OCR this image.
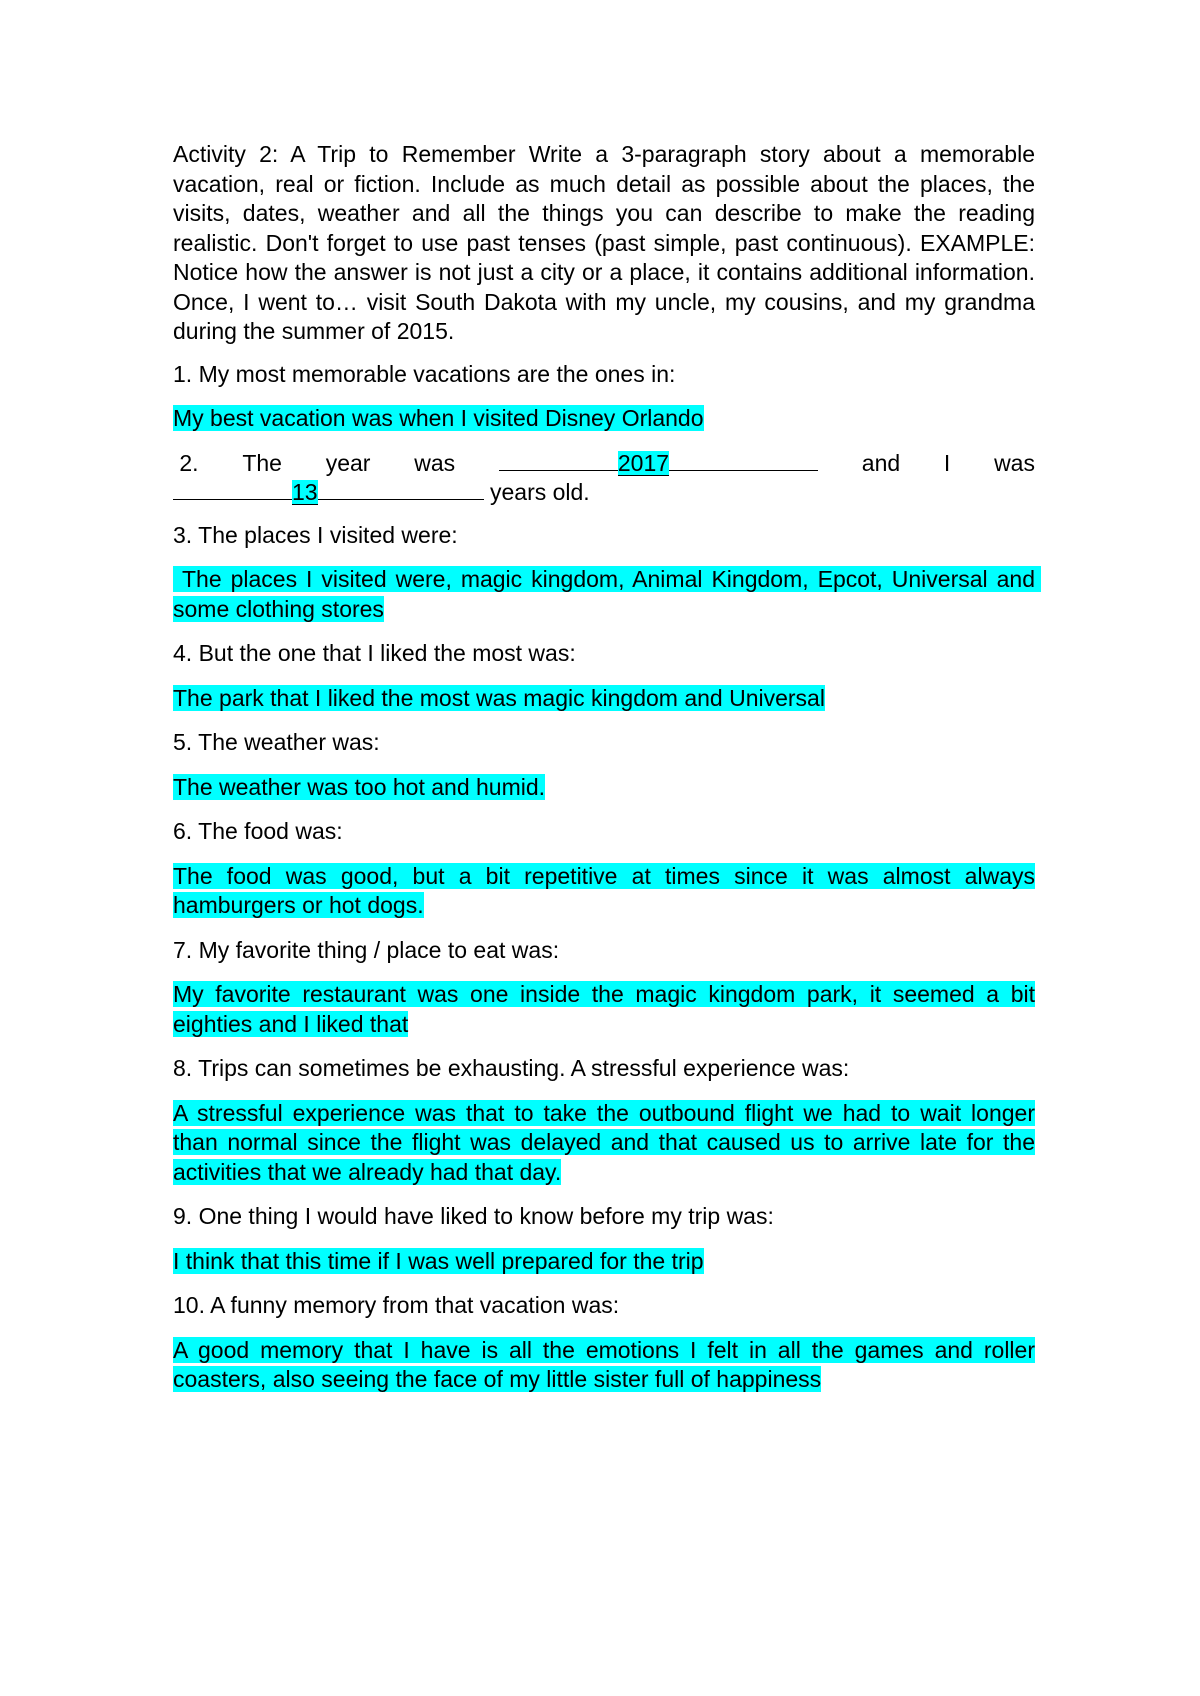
Activity 2: A Trip to Remember Write a 3-paragraph story about a memorable vacation, real or fiction. Include as much detail as possible about the places, the visits, dates, weather and all the things you can describe to make the reading realistic. Don't forget to use past tenses (past simple, past continuous). EXAMPLE: Notice how the answer is not just a city or a place, it contains additional information. Once, I went to… visit South Dakota with my uncle, my cousins, and my grandma during the summer of 2015.

1. My most memorable vacations are the ones in:

My best vacation was when I visited Disney Orlando

2. The year was	2017	and I was
13	years old.

3. The places I visited were:

The places I visited were, magic kingdom, Animal Kingdom, Epcot, Universal and some clothing stores

4. But the one that I liked the most was:

The park that I liked the most was magic kingdom and Universal

5. The weather was:

The weather was too hot and humid.

6. The food was:

The food was good, but a bit repetitive at times since it was almost always hamburgers or hot dogs.

7. My favorite thing / place to eat was:

My favorite restaurant was one inside the magic kingdom park, it seemed a bit eighties and I liked that

8. Trips can sometimes be exhausting. A stressful experience was:

A stressful experience was that to take the outbound flight we had to wait longer than normal since the flight was delayed and that caused us to arrive late for the activities that we already had that day.

9. One thing I would have liked to know before my trip was:

I think that this time if I was well prepared for the trip

10. A funny memory from that vacation was:

A good memory that I have is all the emotions I felt in all the games and roller coasters, also seeing the face of my little sister full of happiness
